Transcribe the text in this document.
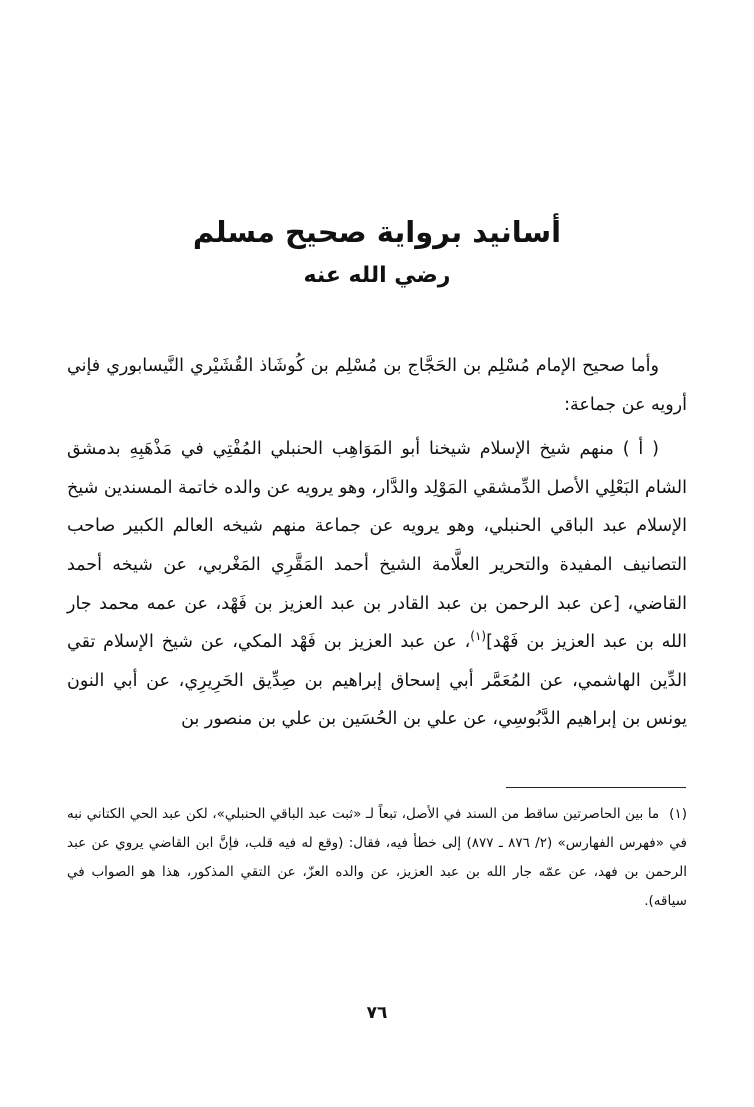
أسانيد برواية صحيح مسلم
رضي الله عنه

وأما صحيح الإمام مُسْلِم بن الحَجَّاج بن مُسْلِم بن كُوشَاذ القُشَيْري النَّيسابوري فإني أرويه عن جماعة:

( أ ) منهم شيخ الإسلام شيخنا أبو المَوَاهِب الحنبلي المُفْتِي في مَذْهَبِهِ بدمشق الشام البَعْلِي الأصل الدِّمشقي المَوْلِد والدَّار، وهو يرويه عن والده خاتمة المسندين شيخ الإسلام عبد الباقي الحنبلي، وهو يرويه عن جماعة منهم شيخه العالم الكبير صاحب التصانيف المفيدة والتحرير العلَّامة الشيخ أحمد المَقَّرِي المَغْربي، عن شيخه أحمد القاضي، [عن عبد الرحمن بن عبد القادر بن عبد العزيز بن فَهْد، عن عمه محمد جار الله بن عبد العزيز بن فَهْد]$^{(١)}$، عن عبد العزيز بن فَهْد المكي، عن شيخ الإسلام تقي الدِّين الهاشمي، عن المُعَمَّر أبي إسحاق إبراهيم بن صِدِّيق الحَرِيرِي، عن أبي النون يونس بن إبراهيم الدَّبُوسِي، عن علي بن الحُسَين بن علي بن منصور بن

(١)ما بين الحاصرتين ساقط من السند في الأصل، تبعاً لـ «ثبت عبد الباقي الحنبلي»، لكن عبد الحي الكتاني نبه في «فهرس الفهارس» (٢/ ٨٧٦ ـ ٨٧٧) إلى خطأ فيه، فقال: (وقع له فيه قلب، فإنَّ ابن القاضي يروي عن عبد الرحمن بن فهد، عن عمّه جار الله بن عبد العزيز، عن والده العزّ، عن التقي المذكور، هذا هو الصواب في سياقه).

٧٦
